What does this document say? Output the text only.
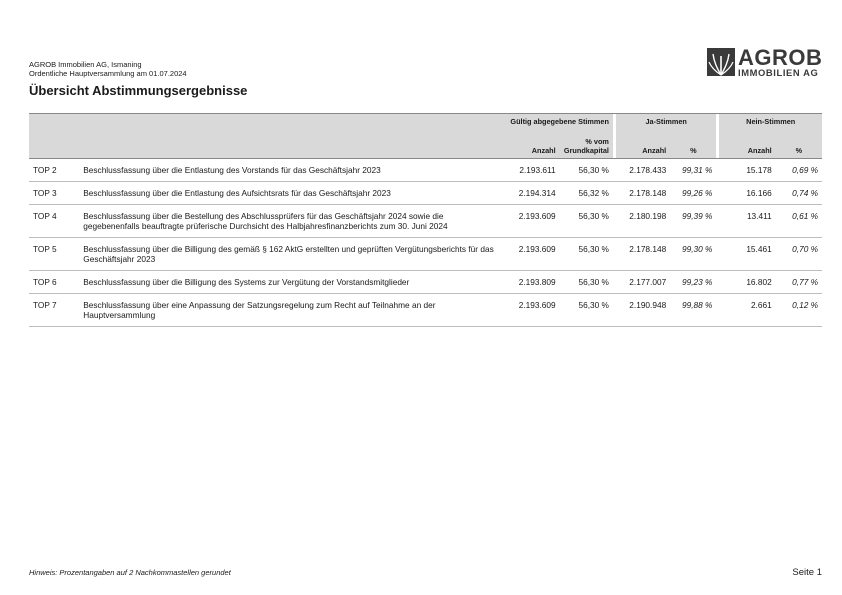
AGROB Immobilien AG, Ismaning
Ordentliche Hauptversammlung am 01.07.2024
AGROB
IMMOBILIEN AG
Übersicht Abstimmungsergebnisse
		Gültig abgegebene Stimmen			Ja-Stimmen			Nein-Stimmen	
		Anzahl	% vom Grundkapital		Anzahl	%		Anzahl	%
TOP 2	Beschlussfassung über die Entlastung des Vorstands für das Geschäftsjahr 2023	2.193.611	56,30 %		2.178.433	99,31 %		15.178	0,69 %
TOP 3	Beschlussfassung über die Entlastung des Aufsichtsrats für das Geschäftsjahr 2023	2.194.314	56,32 %		2.178.148	99,26 %		16.166	0,74 %
TOP 4	Beschlussfassung über die Bestellung des Abschlussprüfers für das Geschäftsjahr 2024 sowie die gegebenenfalls beauftragte prüferische Durchsicht des Halbjahresfinanzberichts zum 30. Juni 2024	2.193.609	56,30 %		2.180.198	99,39 %		13.411	0,61 %
TOP 5	Beschlussfassung über die Billigung des gemäß § 162 AktG erstellten und geprüften Vergütungsberichts für das Geschäftsjahr 2023	2.193.609	56,30 %		2.178.148	99,30 %		15.461	0,70 %
TOP 6	Beschlussfassung über die Billigung des Systems zur Vergütung der Vorstandsmitglieder	2.193.809	56,30 %		2.177.007	99,23 %		16.802	0,77 %
TOP 7	Beschlussfassung über eine Anpassung der Satzungsregelung zum Recht auf Teilnahme an der Hauptversammlung	2.193.609	56,30 %		2.190.948	99,88 %		2.661	0,12 %
Hinweis: Prozentangaben auf 2 Nachkommastellen gerundet	Seite 1
